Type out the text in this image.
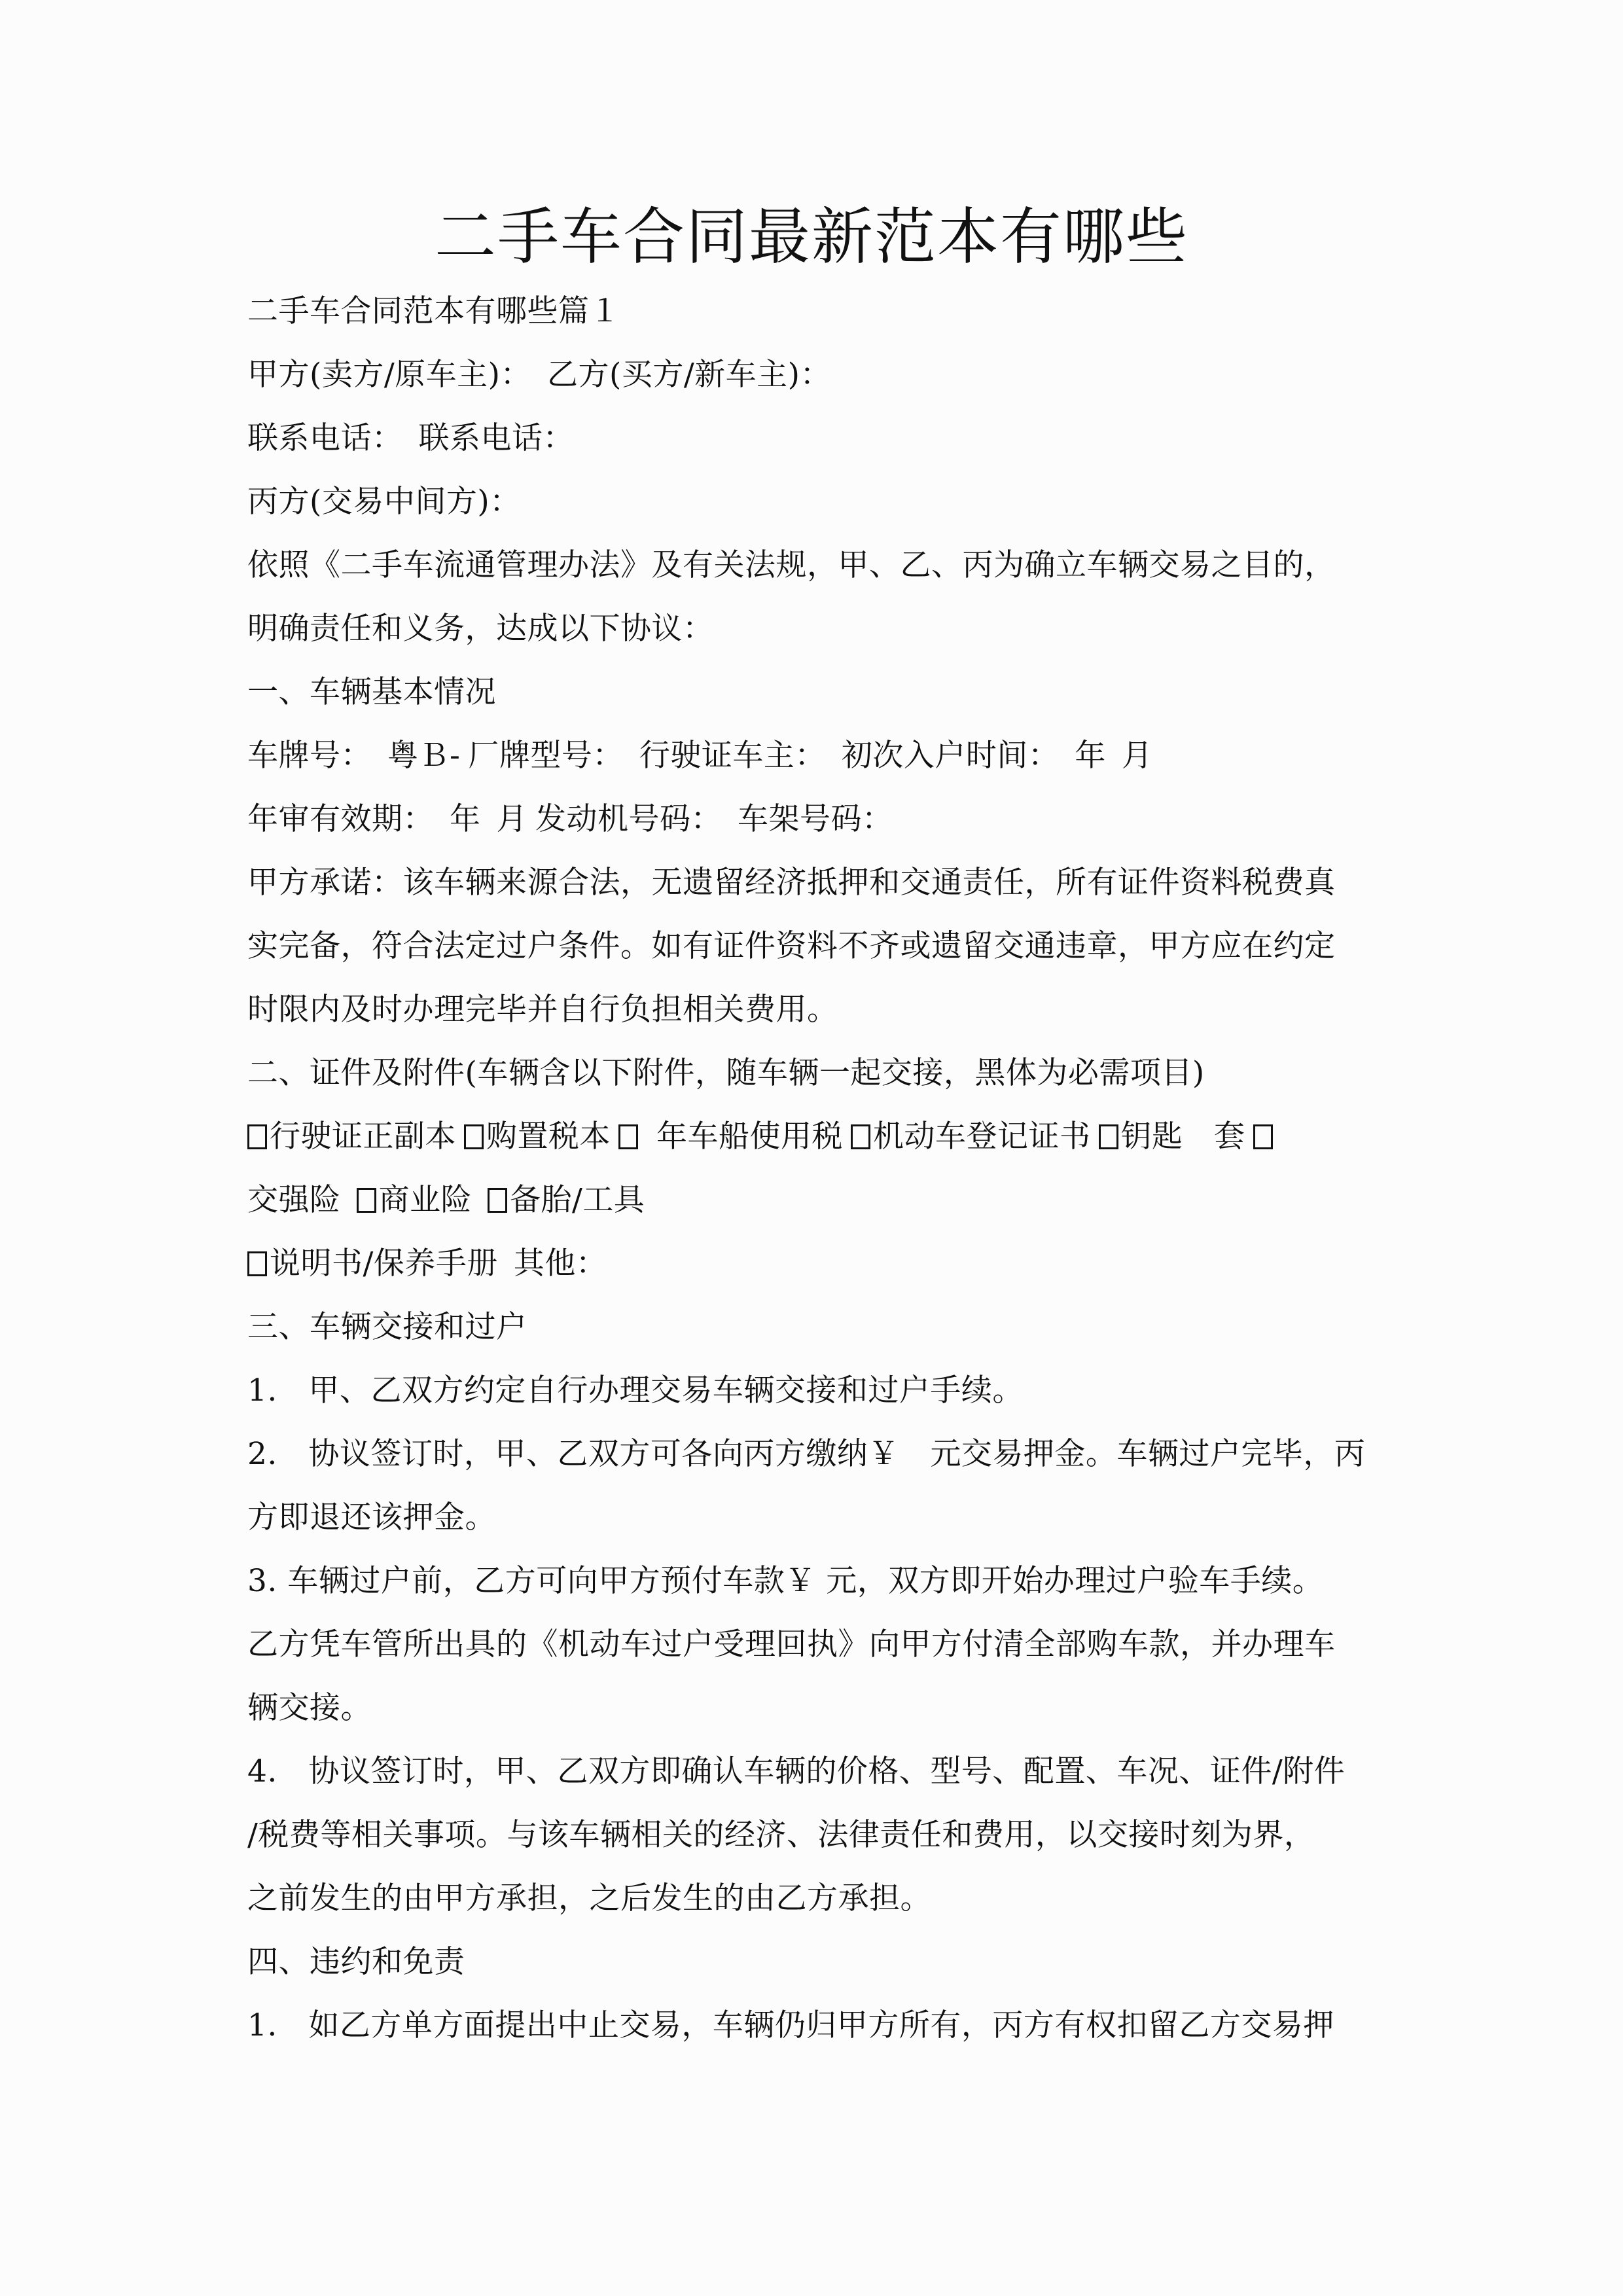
二手车合同最新范本有哪些
二手车合同范本有哪些篇１
甲方(卖方/原车主)： 乙方(买方/新车主)：
联系电话： 联系电话：
丙方(交易中间方)：
依照《二手车流通管理办法》及有关法规，甲、乙、丙为确立车辆交易之目的，
明确责任和义务，达成以下协议：
一、车辆基本情况
车牌号： 粤Ｂ- 厂牌型号： 行驶证车主： 初次入户时间： 年 月
年审有效期： 年 月 发动机号码： 车架号码：
甲方承诺：该车辆来源合法，无遗留经济抵押和交通责任，所有证件资料税费真
实完备，符合法定过户条件。如有证件资料不齐或遗留交通违章，甲方应在约定
时限内及时办理完毕并自行负担相关费用。
二、证件及附件(车辆含以下附件，随车辆一起交接，黑体为必需项目)
行驶证正副本 购置税本 年车船使用税 机动车登记证书 钥匙　套
交强险 商业险 备胎/工具
说明书/保养手册 其他：
三、车辆交接和过户
1.　甲、乙双方约定自行办理交易车辆交接和过户手续。
2.　协议签订时，甲、乙双方可各向丙方缴纳￥　元交易押金。车辆过户完毕，丙
方即退还该押金。
3. 车辆过户前，乙方可向甲方预付车款￥ 元，双方即开始办理过户验车手续。
乙方凭车管所出具的《机动车过户受理回执》向甲方付清全部购车款，并办理车
辆交接。
4.　协议签订时，甲、乙双方即确认车辆的价格、型号、配置、车况、证件/附件
/税费等相关事项。与该车辆相关的经济、法律责任和费用，以交接时刻为界，
之前发生的由甲方承担，之后发生的由乙方承担。
四、违约和免责
1.　如乙方单方面提出中止交易，车辆仍归甲方所有，丙方有权扣留乙方交易押
